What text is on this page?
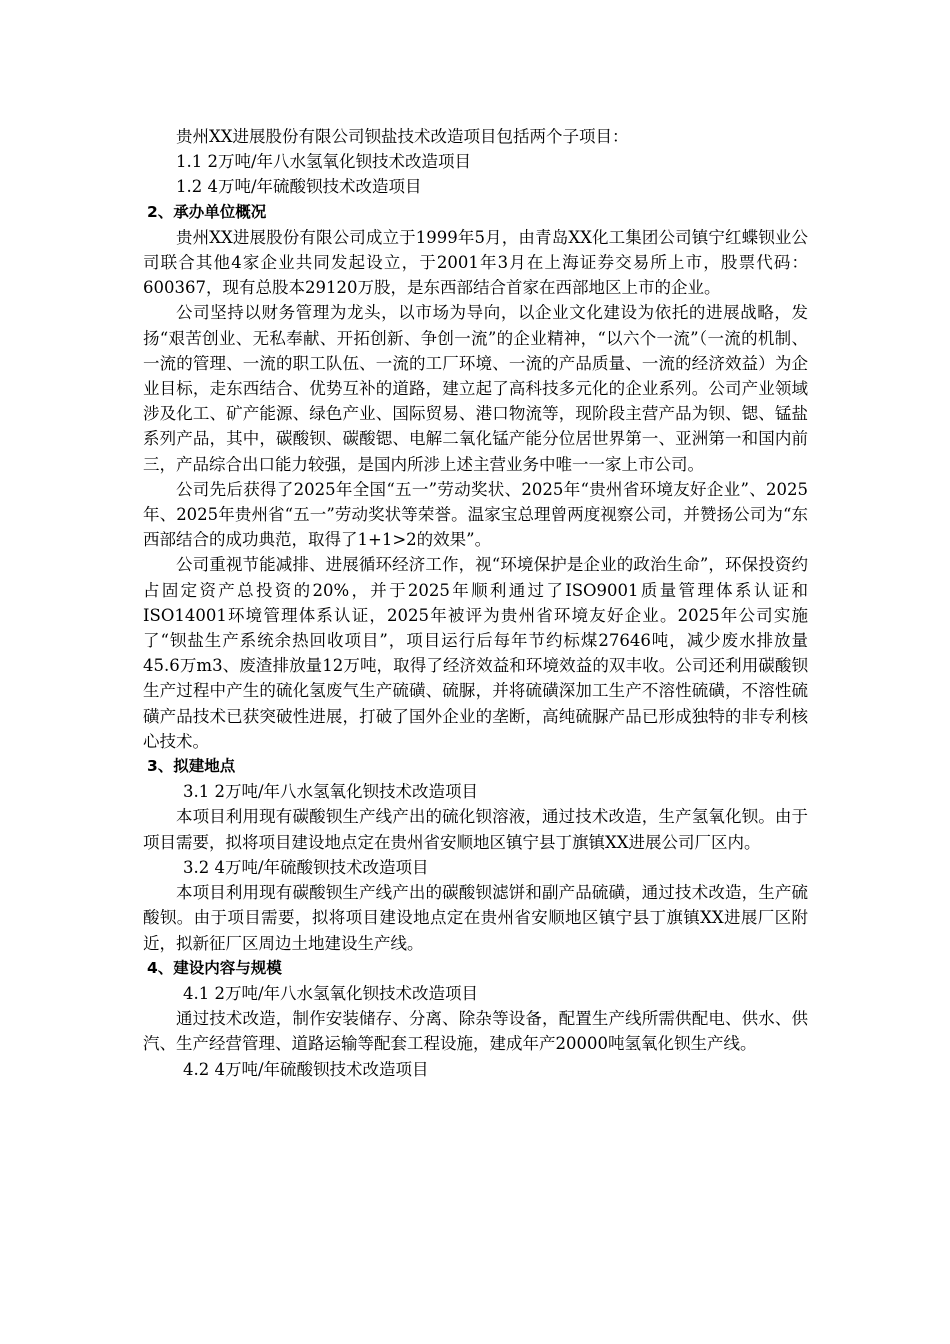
贵州XX进展股份有限公司钡盐技术改造项目包括两个子项目：

1.1 2万吨/年八水氢氧化钡技术改造项目

1.2 4万吨/年硫酸钡技术改造项目

2、承办单位概况

贵州XX进展股份有限公司成立于1999年5月，由青岛XX化工集团公司镇宁红蝶钡业公司联合其他4家企业共同发起设立，于2001年3月在上海证券交易所上市，股票代码：600367，现有总股本29120万股，是东西部结合首家在西部地区上市的企业。

公司坚持以财务管理为龙头，以市场为导向，以企业文化建设为依托的进展战略，发扬“艰苦创业、无私奉献、开拓创新、争创一流”的企业精神，“以六个一流”（一流的机制、一流的管理、一流的职工队伍、一流的工厂环境、一流的产品质量、一流的经济效益）为企业目标，走东西结合、优势互补的道路，建立起了高科技多元化的企业系列。公司产业领域涉及化工、矿产能源、绿色产业、国际贸易、港口物流等，现阶段主营产品为钡、锶、锰盐系列产品，其中，碳酸钡、碳酸锶、电解二氧化锰产能分位居世界第一、亚洲第一和国内前三，产品综合出口能力较强，是国内所涉上述主营业务中唯一一家上市公司。

公司先后获得了2025年全国“五一”劳动奖状、2025年“贵州省环境友好企业”、2025年、2025年贵州省“五一”劳动奖状等荣誉。温家宝总理曾两度视察公司，并赞扬公司为“东西部结合的成功典范，取得了1+1>2的效果”。

公司重视节能减排、进展循环经济工作，视“环境保护是企业的政治生命”，环保投资约占固定资产总投资的20%，并于2025年顺利通过了ISO9001质量管理体系认证和ISO14001环境管理体系认证，2025年被评为贵州省环境友好企业。2025年公司实施了“钡盐生产系统余热回收项目”，项目运行后每年节约标煤27646吨，减少废水排放量45.6万m3、废渣排放量12万吨，取得了经济效益和环境效益的双丰收。公司还利用碳酸钡生产过程中产生的硫化氢废气生产硫磺、硫脲，并将硫磺深加工生产不溶性硫磺，不溶性硫磺产品技术已获突破性进展，打破了国外企业的垄断，高纯硫脲产品已形成独特的非专利核心技术。

3、拟建地点

3.1 2万吨/年八水氢氧化钡技术改造项目

本项目利用现有碳酸钡生产线产出的硫化钡溶液，通过技术改造，生产氢氧化钡。由于项目需要，拟将项目建设地点定在贵州省安顺地区镇宁县丁旗镇XX进展公司厂区内。

3.2 4万吨/年硫酸钡技术改造项目

本项目利用现有碳酸钡生产线产出的碳酸钡滤饼和副产品硫磺，通过技术改造，生产硫酸钡。由于项目需要，拟将项目建设地点定在贵州省安顺地区镇宁县丁旗镇XX进展厂区附近，拟新征厂区周边土地建设生产线。

4、建设内容与规模

4.1 2万吨/年八水氢氧化钡技术改造项目

通过技术改造，制作安装储存、分离、除杂等设备，配置生产线所需供配电、供水、供汽、生产经营管理、道路运输等配套工程设施，建成年产20000吨氢氧化钡生产线。

4.2 4万吨/年硫酸钡技术改造项目
